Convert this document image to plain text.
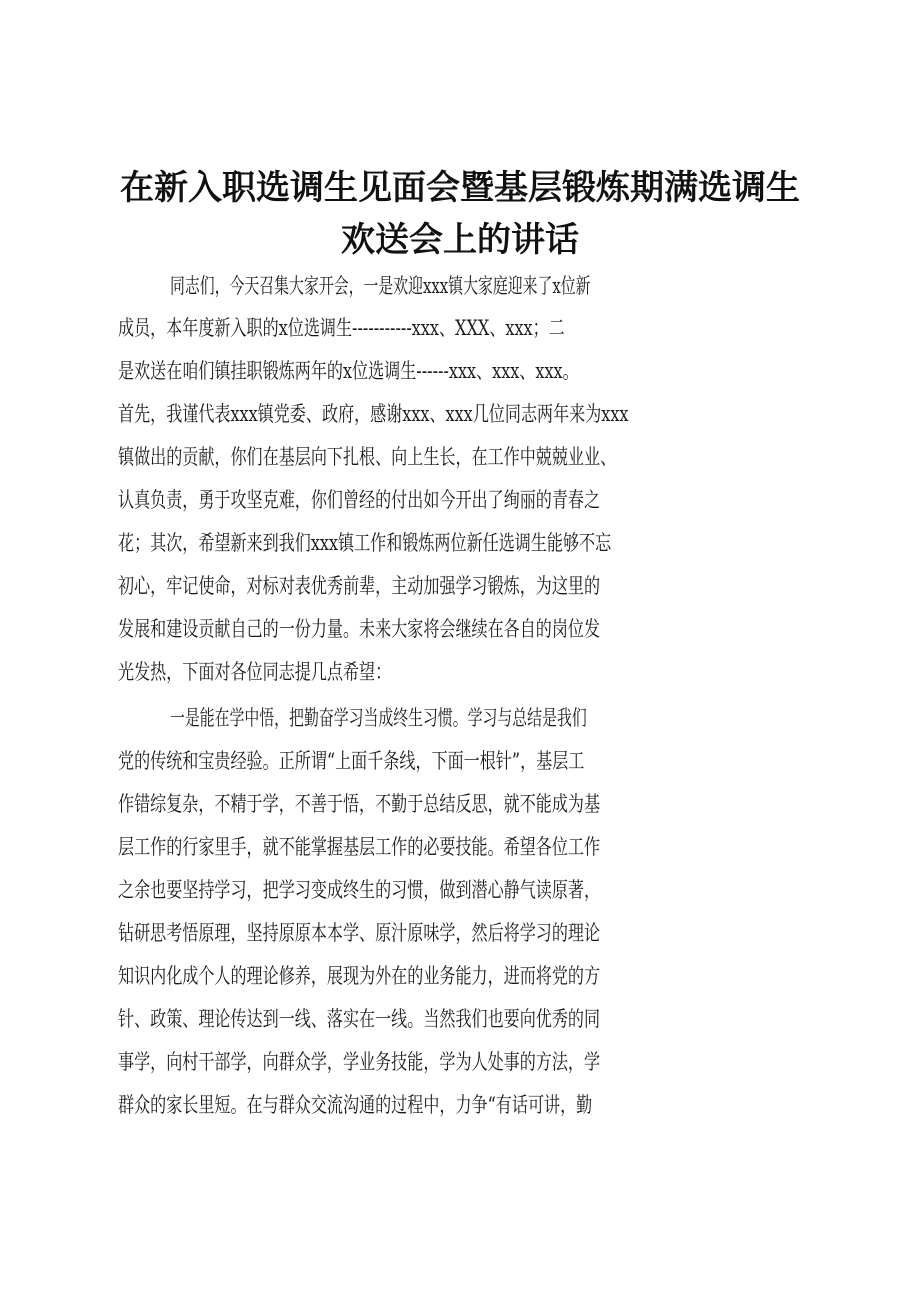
在新入职选调生见面会暨基层锻炼期满选调生
欢送会上的讲话
同志们，今天召集大家开会，一是欢迎xxx镇大家庭迎来了x位新
成员，本年度新入职的x位选调生-----------xxx、XXX、xxx；二
是欢送在咱们镇挂职锻炼两年的x位选调生------xxx、xxx、xxx。
首先，我谨代表xxx镇党委、政府，感谢xxx、xxx几位同志两年来为xxx
镇做出的贡献，你们在基层向下扎根、向上生长，在工作中兢兢业业、
认真负责，勇于攻坚克难，你们曾经的付出如今开出了绚丽的青春之
花；其次，希望新来到我们xxx镇工作和锻炼两位新任选调生能够不忘
初心，牢记使命，对标对表优秀前辈，主动加强学习锻炼，为这里的
发展和建设贡献自己的一份力量。未来大家将会继续在各自的岗位发
光发热，下面对各位同志提几点希望：
一是能在学中悟，把勤奋学习当成终生习惯。学习与总结是我们
党的传统和宝贵经验。正所谓“上面千条线，下面一根针”，基层工
作错综复杂，不精于学，不善于悟，不勤于总结反思，就不能成为基
层工作的行家里手，就不能掌握基层工作的必要技能。希望各位工作
之余也要坚持学习，把学习变成终生的习惯，做到潜心静气读原著，
钻研思考悟原理，坚持原原本本学、原汁原味学，然后将学习的理论
知识内化成个人的理论修养，展现为外在的业务能力，进而将党的方
针、政策、理论传达到一线、落实在一线。当然我们也要向优秀的同
事学，向村干部学，向群众学，学业务技能，学为人处事的方法，学
群众的家长里短。在与群众交流沟通的过程中，力争“有话可讲，勤
